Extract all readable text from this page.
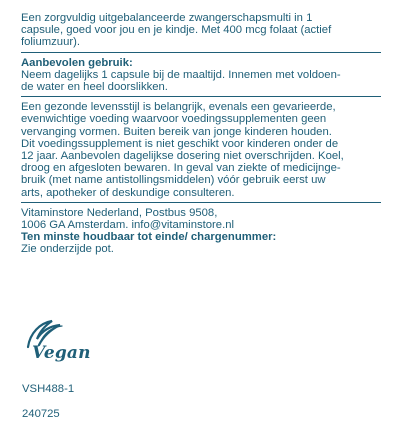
Een zorgvuldig uitgebalanceerde zwangerschapsmulti in 1
capsule, goed voor jou en je kindje. Met 400 mcg folaat (actief
foliumzuur).
Aanbevolen gebruik:
Neem dagelijks 1 capsule bij de maaltijd. Innemen met voldoen-
de water en heel doorslikken.
Een gezonde levensstijl is belangrijk, evenals een gevarieerde,
evenwichtige voeding waarvoor voedingssupplementen geen
vervanging vormen. Buiten bereik van jonge kinderen houden.
Dit voedingssupplement is niet geschikt voor kinderen onder de
12 jaar. Aanbevolen dagelijkse dosering niet overschrijden. Koel,
droog en afgesloten bewaren. In geval van ziekte of medicijnge-
bruik (met name antistollingsmiddelen) vóór gebruik eerst uw
arts, apotheker of deskundige consulteren.
Vitaminstore Nederland, Postbus 9508,
1006 GA Amsterdam. info@vitaminstore.nl
Ten minste houdbaar tot einde/ chargenummer:
Zie onderzijde pot.
Vegan

VSH488-1

240725
